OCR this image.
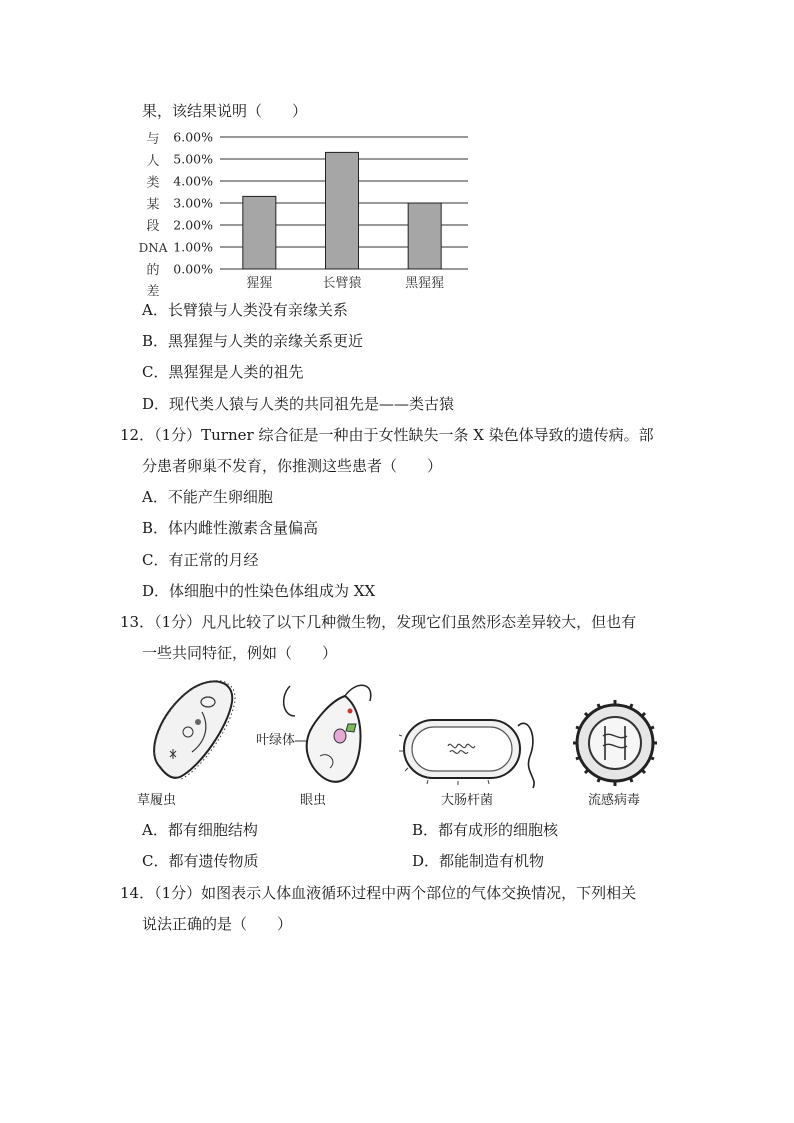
果，该结果说明（　　）
与
人
类
某
段
DNA
的
差
0.00%
1.00%
2.00%
3.00%
4.00%
5.00%
6.00%
猩猩	长臂猿	黑猩猩
A．长臂猿与人类没有亲缘关系
B．黑猩猩与人类的亲缘关系更近
C．黑猩猩是人类的祖先
D．现代类人猿与人类的共同祖先是——类古猿
12．（1分）Turner 综合征是一种由于女性缺失一条 X 染色体导致的遗传病。部
分患者卵巢不发育，你推测这些患者（　　）
A．不能产生卵细胞
B．体内雌性激素含量偏高
C．有正常的月经
D．体细胞中的性染色体组成为 XX
13．（1分）凡凡比较了以下几种微生物，发现它们虽然形态差异较大，但也有
一些共同特征，例如（　　）
草履虫
叶绿体
眼虫	大肠杆菌	流感病毒
A．都有细胞结构	B．都有成形的细胞核
C．都有遗传物质	D．都能制造有机物
14．（1分）如图表示人体血液循环过程中两个部位的气体交换情况，下列相关
说法正确的是（　　）
